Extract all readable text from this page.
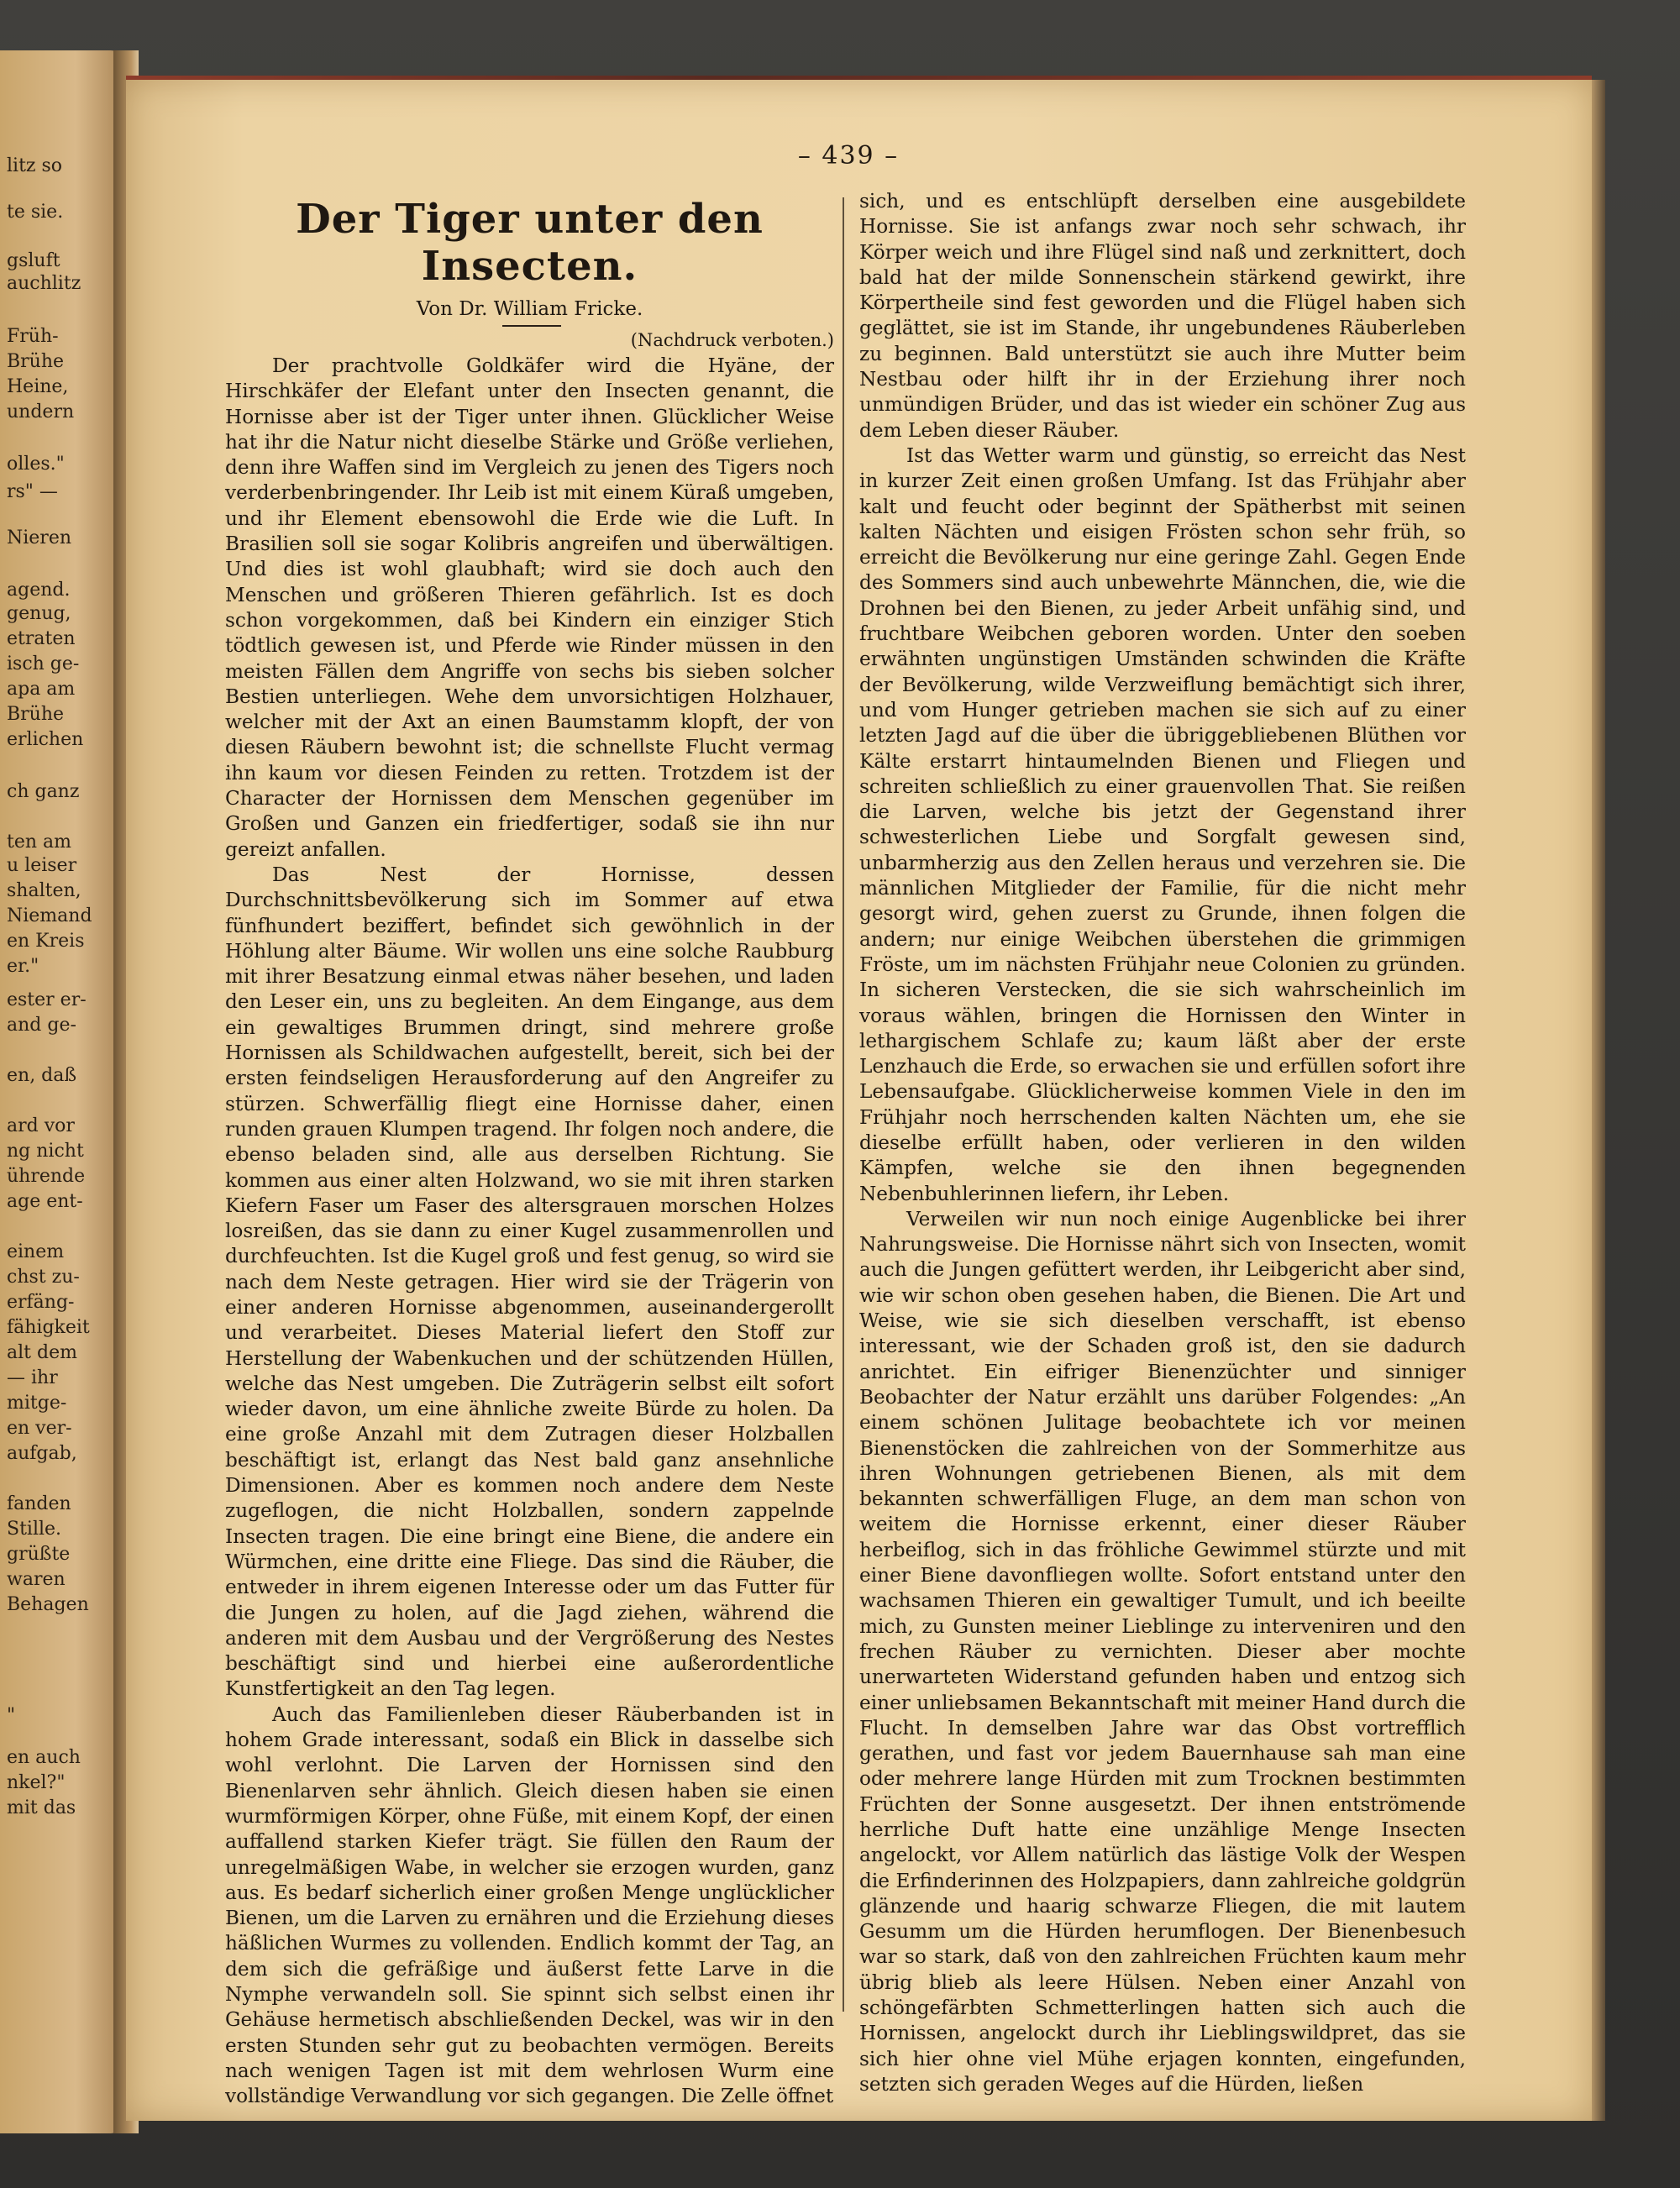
litz so
te sie.
gsluft
auchlitz
Früh-
Brühe
Heine,
undern
olles."
rs" —
Nieren
agend.
genug,
etraten
isch ge-
apa am
Brühe
erlichen
ch ganz
ten am
u leiser
shalten,
Niemand
en Kreis
er."
ester er-
and ge-
en, daß
ard vor
ng nicht
ührende
age ent-
einem
chst zu-
erfäng-
fähigkeit
alt dem
— ihr
mitge-
en ver-
aufgab,
fanden
Stille.
grüßte
waren
Behagen
"
en auch
nkel?"
mit das
– 439 –
Der Tiger unter den Insecten.
Von Dr. William Fricke.
(Nachdruck verboten.)

Der prachtvolle Goldkäfer wird die Hyäne, der Hirschkäfer der Elefant unter den Insecten genannt, die Hornisse aber ist der Tiger unter ihnen. Glücklicher Weise hat ihr die Natur nicht dieselbe Stärke und Größe verliehen, denn ihre Waffen sind im Vergleich zu jenen des Tigers noch verderbenbringender. Ihr Leib ist mit einem Küraß umgeben, und ihr Element ebensowohl die Erde wie die Luft. In Brasilien soll sie sogar Kolibris angreifen und überwältigen. Und dies ist wohl glaubhaft; wird sie doch auch den Menschen und größeren Thieren gefährlich. Ist es doch schon vorgekommen, daß bei Kindern ein einziger Stich tödtlich gewesen ist, und Pferde wie Rinder müssen in den meisten Fällen dem Angriffe von sechs bis sieben solcher Bestien unterliegen. Wehe dem unvorsichtigen Holzhauer, welcher mit der Axt an einen Baumstamm klopft, der von diesen Räubern bewohnt ist; die schnellste Flucht vermag ihn kaum vor diesen Feinden zu retten. Trotzdem ist der Character der Hornissen dem Menschen gegenüber im Großen und Ganzen ein friedfertiger, sodaß sie ihn nur gereizt anfallen.

Das Nest der Hornisse, dessen Durchschnittsbevölkerung sich im Sommer auf etwa fünfhundert beziffert, befindet sich gewöhnlich in der Höhlung alter Bäume. Wir wollen uns eine solche Raubburg mit ihrer Besatzung einmal etwas näher besehen, und laden den Leser ein, uns zu begleiten. An dem Eingange, aus dem ein gewaltiges Brummen dringt, sind mehrere große Hornissen als Schildwachen aufgestellt, bereit, sich bei der ersten feindseligen Herausforderung auf den Angreifer zu stürzen. Schwerfällig fliegt eine Hornisse daher, einen runden grauen Klumpen tragend. Ihr folgen noch andere, die ebenso beladen sind, alle aus derselben Richtung. Sie kommen aus einer alten Holzwand, wo sie mit ihren starken Kiefern Faser um Faser des altersgrauen morschen Holzes losreißen, das sie dann zu einer Kugel zusammenrollen und durchfeuchten. Ist die Kugel groß und fest genug, so wird sie nach dem Neste getragen. Hier wird sie der Trägerin von einer anderen Hornisse abgenommen, auseinandergerollt und verarbeitet. Dieses Material liefert den Stoff zur Herstellung der Wabenkuchen und der schützenden Hüllen, welche das Nest umgeben. Die Zuträgerin selbst eilt sofort wieder davon, um eine ähnliche zweite Bürde zu holen. Da eine große Anzahl mit dem Zutragen dieser Holzballen beschäftigt ist, erlangt das Nest bald ganz ansehnliche Dimensionen. Aber es kommen noch andere dem Neste zugeflogen, die nicht Holzballen, sondern zappelnde Insecten tragen. Die eine bringt eine Biene, die andere ein Würmchen, eine dritte eine Fliege. Das sind die Räuber, die entweder in ihrem eigenen Interesse oder um das Futter für die Jungen zu holen, auf die Jagd ziehen, während die anderen mit dem Ausbau und der Vergrößerung des Nestes beschäftigt sind und hierbei eine außerordentliche Kunstfertigkeit an den Tag legen.

Auch das Familienleben dieser Räuberbanden ist in hohem Grade interessant, sodaß ein Blick in dasselbe sich wohl verlohnt. Die Larven der Hornissen sind den Bienenlarven sehr ähnlich. Gleich diesen haben sie einen wurmförmigen Körper, ohne Füße, mit einem Kopf, der einen auffallend starken Kiefer trägt. Sie füllen den Raum der unregelmäßigen Wabe, in welcher sie erzogen wurden, ganz aus. Es bedarf sicherlich einer großen Menge unglücklicher Bienen, um die Larven zu ernähren und die Erziehung dieses häßlichen Wurmes zu vollenden. Endlich kommt der Tag, an dem sich die gefräßige und äußerst fette Larve in die Nymphe verwandeln soll. Sie spinnt sich selbst einen ihr Gehäuse hermetisch abschließenden Deckel, was wir in den ersten Stunden sehr gut zu beobachten vermögen. Bereits nach wenigen Tagen ist mit dem wehrlosen Wurm eine vollständige Verwandlung vor sich gegangen. Die Zelle öffnet

sich, und es entschlüpft derselben eine ausgebildete Hornisse. Sie ist anfangs zwar noch sehr schwach, ihr Körper weich und ihre Flügel sind naß und zerknittert, doch bald hat der milde Sonnenschein stärkend gewirkt, ihre Körpertheile sind fest geworden und die Flügel haben sich geglättet, sie ist im Stande, ihr ungebundenes Räuberleben zu beginnen. Bald unterstützt sie auch ihre Mutter beim Nestbau oder hilft ihr in der Erziehung ihrer noch unmündigen Brüder, und das ist wieder ein schöner Zug aus dem Leben dieser Räuber.

Ist das Wetter warm und günstig, so erreicht das Nest in kurzer Zeit einen großen Umfang. Ist das Frühjahr aber kalt und feucht oder beginnt der Spätherbst mit seinen kalten Nächten und eisigen Frösten schon sehr früh, so erreicht die Bevölkerung nur eine geringe Zahl. Gegen Ende des Sommers sind auch unbewehrte Männchen, die, wie die Drohnen bei den Bienen, zu jeder Arbeit unfähig sind, und fruchtbare Weibchen geboren worden. Unter den soeben erwähnten ungünstigen Umständen schwinden die Kräfte der Bevölkerung, wilde Verzweiflung bemächtigt sich ihrer, und vom Hunger getrieben machen sie sich auf zu einer letzten Jagd auf die über die übriggebliebenen Blüthen vor Kälte erstarrt hintaumelnden Bienen und Fliegen und schreiten schließlich zu einer grauenvollen That. Sie reißen die Larven, welche bis jetzt der Gegenstand ihrer schwesterlichen Liebe und Sorgfalt gewesen sind, unbarmherzig aus den Zellen heraus und verzehren sie. Die männlichen Mitglieder der Familie, für die nicht mehr gesorgt wird, gehen zuerst zu Grunde, ihnen folgen die andern; nur einige Weibchen überstehen die grimmigen Fröste, um im nächsten Frühjahr neue Colonien zu gründen. In sicheren Verstecken, die sie sich wahrscheinlich im voraus wählen, bringen die Hornissen den Winter in lethargischem Schlafe zu; kaum läßt aber der erste Lenzhauch die Erde, so erwachen sie und erfüllen sofort ihre Lebensaufgabe. Glücklicherweise kommen Viele in den im Frühjahr noch herrschenden kalten Nächten um, ehe sie dieselbe erfüllt haben, oder verlieren in den wilden Kämpfen, welche sie den ihnen begegnenden Nebenbuhlerinnen liefern, ihr Leben.

Verweilen wir nun noch einige Augenblicke bei ihrer Nahrungsweise. Die Hornisse nährt sich von Insecten, womit auch die Jungen gefüttert werden, ihr Leibgericht aber sind, wie wir schon oben gesehen haben, die Bienen. Die Art und Weise, wie sie sich dieselben verschafft, ist ebenso interessant, wie der Schaden groß ist, den sie dadurch anrichtet. Ein eifriger Bienenzüchter und sinniger Beobachter der Natur erzählt uns darüber Folgendes: „An einem schönen Julitage beobachtete ich vor meinen Bienenstöcken die zahlreichen von der Sommerhitze aus ihren Wohnungen getriebenen Bienen, als mit dem bekannten schwerfälligen Fluge, an dem man schon von weitem die Hornisse erkennt, einer dieser Räuber herbeiflog, sich in das fröhliche Gewimmel stürzte und mit einer Biene davonfliegen wollte. Sofort entstand unter den wachsamen Thieren ein gewaltiger Tumult, und ich beeilte mich, zu Gunsten meiner Lieblinge zu interveniren und den frechen Räuber zu vernichten. Dieser aber mochte unerwarteten Widerstand gefunden haben und entzog sich einer unliebsamen Bekanntschaft mit meiner Hand durch die Flucht. In demselben Jahre war das Obst vortrefflich gerathen, und fast vor jedem Bauernhause sah man eine oder mehrere lange Hürden mit zum Trocknen bestimmten Früchten der Sonne ausgesetzt. Der ihnen entströmende herrliche Duft hatte eine unzählige Menge Insecten angelockt, vor Allem natürlich das lästige Volk der Wespen die Erfinderinnen des Holzpapiers, dann zahlreiche goldgrün glänzende und haarig schwarze Fliegen, die mit lautem Gesumm um die Hürden herumflogen. Der Bienenbesuch war so stark, daß von den zahlreichen Früchten kaum mehr übrig blieb als leere Hülsen. Neben einer Anzahl von schöngefärbten Schmetterlingen hatten sich auch die Hornissen, angelockt durch ihr Lieblingswildpret, das sie sich hier ohne viel Mühe erjagen konnten, eingefunden, setzten sich geraden Weges auf die Hürden, ließen
